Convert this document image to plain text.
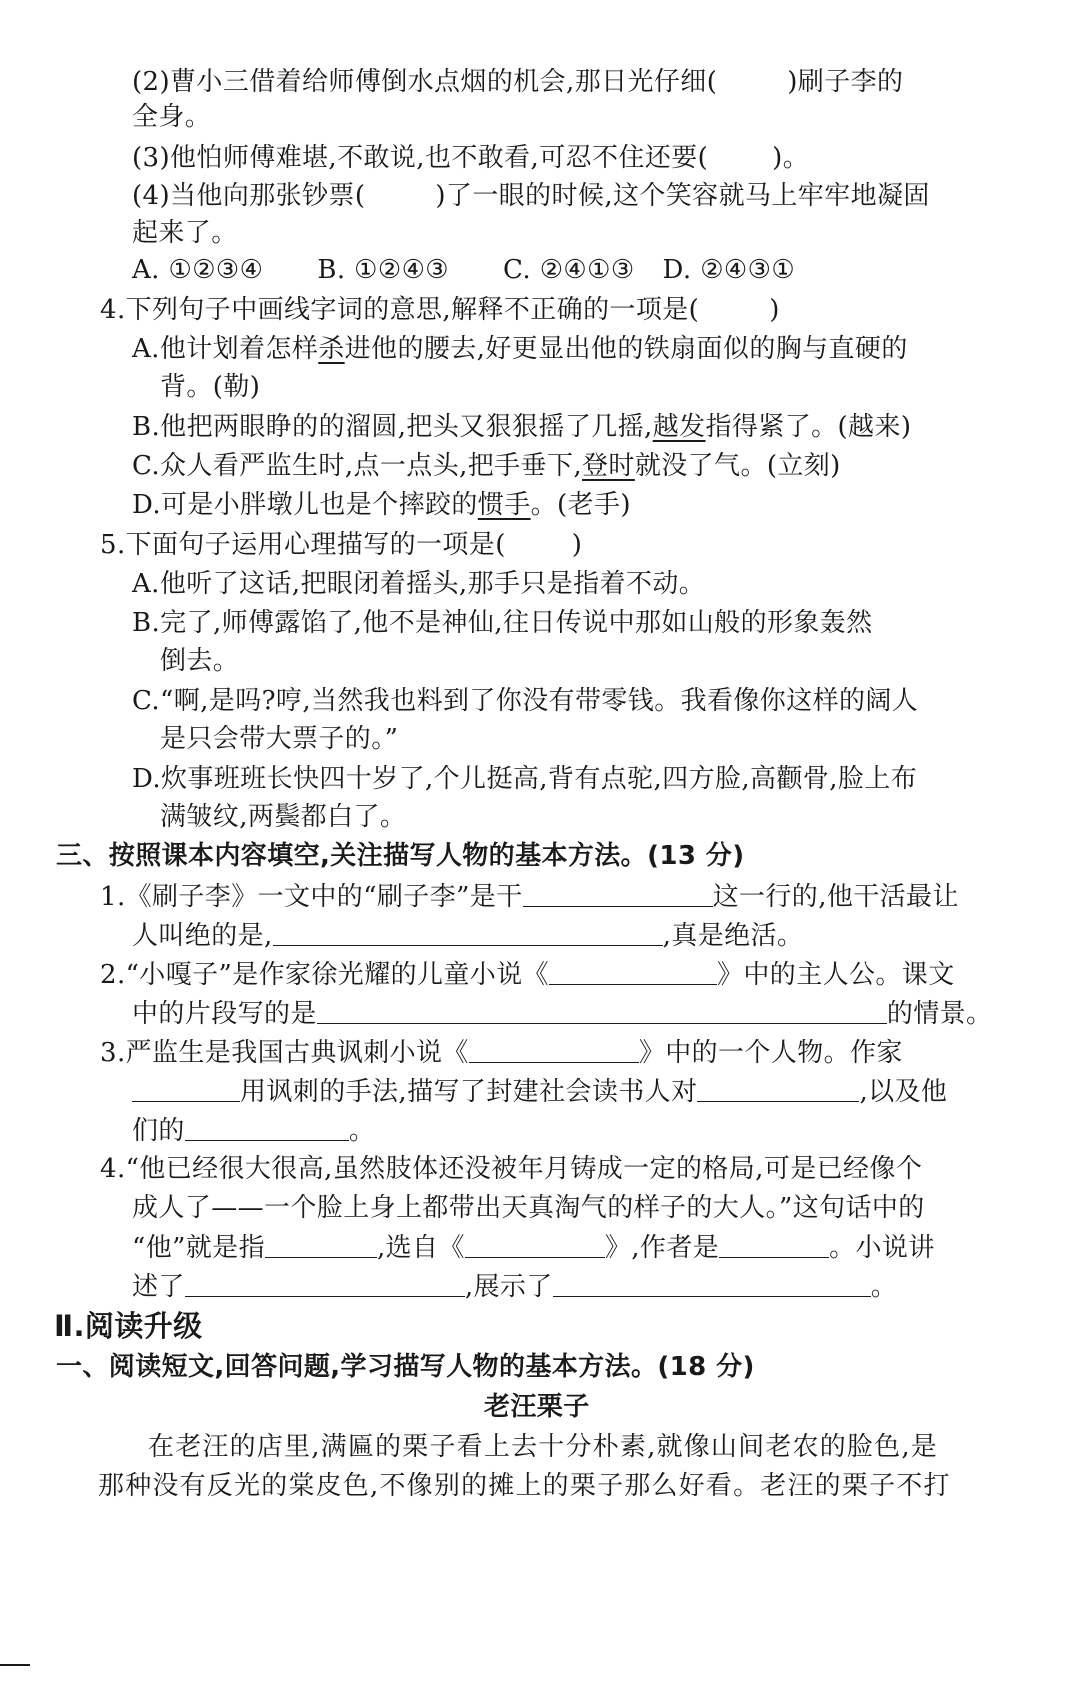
(2)曹小三借着给师傅倒水点烟的机会,那日光仔细(	)刷子李的
全身。
(3)他怕师傅难堪,不敢说,也不敢看,可忍不住还要( )。
(4)当他向那张钞票(	)了一眼的时候,这个笑容就马上牢牢地凝固
起来了。
A. ①②③④ B. ①②④③ C. ②④①③ D. ②④③①
4.下列句子中画线字词的意思,解释不正确的一项是(	)
A.他计划着怎样杀进他的腰去,好更显出他的铁扇面似的胸与直硬的
背。(勒)
B.他把两眼睁的的溜圆,把头又狠狠摇了几摇,越发指得紧了。(越来)
C.众人看严监生时,点一点头,把手垂下,登时就没了气。(立刻)
D.可是小胖墩儿也是个摔跤的惯手。(老手)
5.下面句子运用心理描写的一项是(	)
A.他听了这话,把眼闭着摇头,那手只是指着不动。
B.完了,师傅露馅了,他不是神仙,往日传说中那如山般的形象轰然
倒去。
C.“啊,是吗?哼,当然我也料到了你没有带零钱。我看像你这样的阔人
是只会带大票子的。”
D.炊事班班长快四十岁了,个儿挺高,背有点驼,四方脸,高颧骨,脸上布
满皱纹,两鬓都白了。
三、按照课本内容填空,关注描写人物的基本方法。(13 分)
1.《刷子李》一文中的“刷子李”是干	这一行的,他干活最让
人叫绝的是,	,真是绝活。
2.“小嘎子”是作家徐光耀的儿童小说《	》中的主人公。课文
中的片段写的是	的情景。
3.严监生是我国古典讽刺小说《	》中的一个人物。作家
用讽刺的手法,描写了封建社会读书人对	,以及他
们的	。
4.“他已经很大很高,虽然肢体还没被年月铸成一定的格局,可是已经像个
成人了——一个脸上身上都带出天真淘气的样子的大人。”这句话中的
“他”就是指	,选自《	》,作者是	。小说讲
述了	,展示了	。
Ⅱ.阅读升级
一、阅读短文,回答问题,学习描写人物的基本方法。(18 分)
老汪栗子
在老汪的店里,满匾的栗子看上去十分朴素,就像山间老农的脸色,是
那种没有反光的棠皮色,不像别的摊上的栗子那么好看。老汪的栗子不打
